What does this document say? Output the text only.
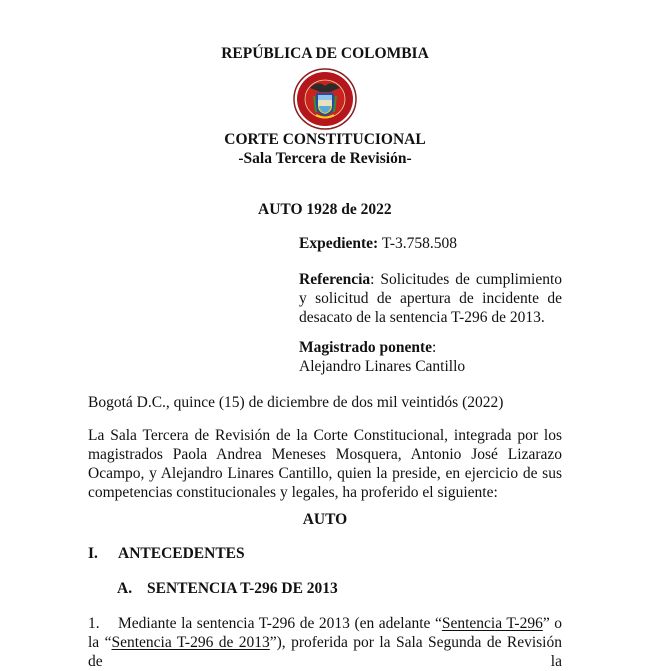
REPÚBLICA DE COLOMBIA
CORTE CONSTITUCIONAL
-Sala Tercera de Revisión-
AUTO 1928 de 2022
Expediente: T-3.758.508
Referencia: Solicitudes de cumplimiento y solicitud de apertura de incidente de desacato de la sentencia T-296 de 2013.
Magistrado ponente:
Alejandro Linares Cantillo
Bogotá D.C., quince (15) de diciembre de dos mil veintidós (2022)
La Sala Tercera de Revisión de la Corte Constitucional, integrada por los magistrados Paola Andrea Meneses Mosquera, Antonio José Lizarazo Ocampo, y Alejandro Linares Cantillo, quien la preside, en ejercicio de sus competencias constitucionales y legales, ha proferido el siguiente:
AUTO
I. ANTECEDENTES
A. SENTENCIA T-296 DE 2013
1. Mediante la sentencia T-296 de 2013 (en adelante “Sentencia T-296” o la “Sentencia T-296 de 2013”), proferida por la Sala Segunda de Revisión de la
